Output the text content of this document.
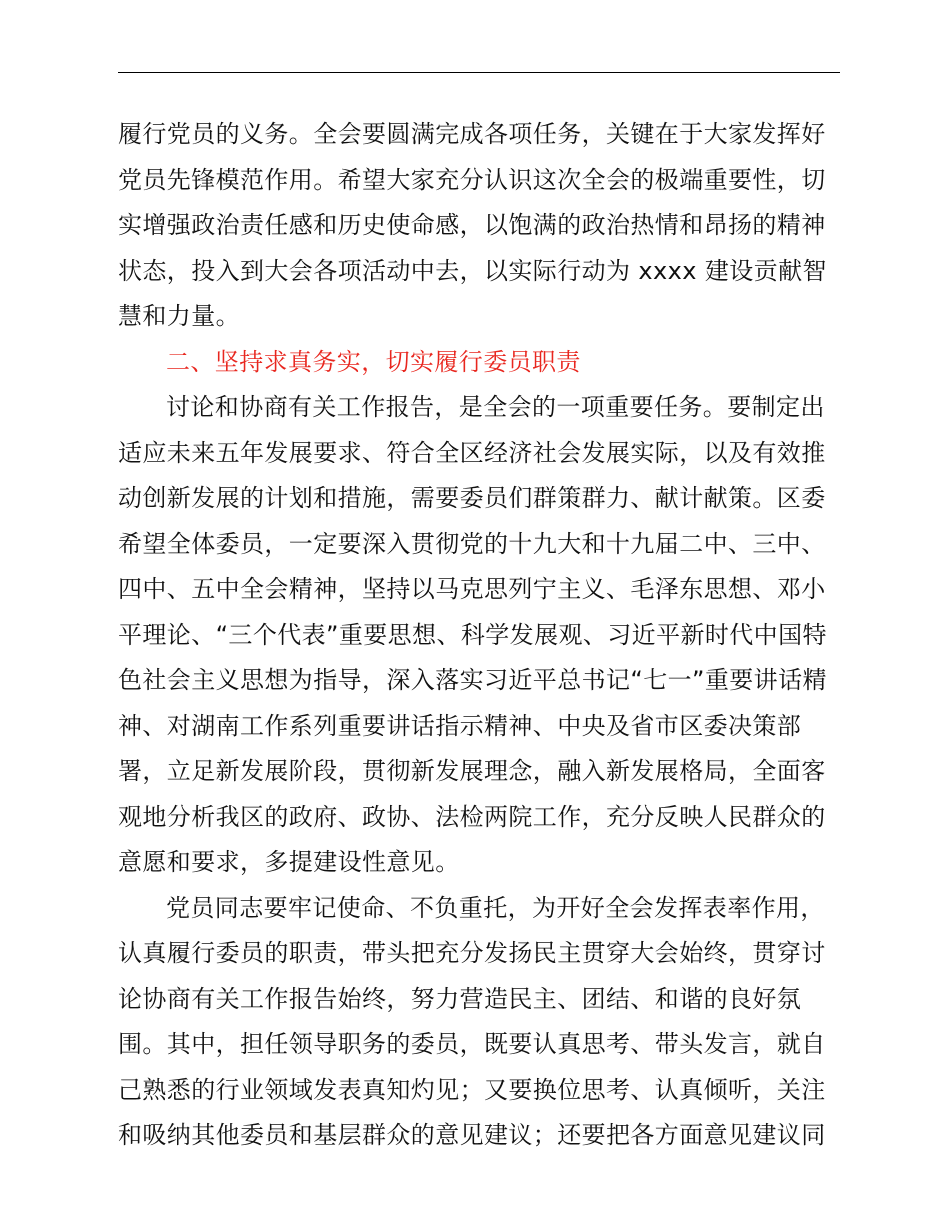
履行党员的义务。全会要圆满完成各项任务，关键在于大家发挥好
党员先锋模范作用。希望大家充分认识这次全会的极端重要性，切
实增强政治责任感和历史使命感，以饱满的政治热情和昂扬的精神
状态，投入到大会各项活动中去，以实际行动为 xxxx 建设贡献智
慧和力量。
二、坚持求真务实，切实履行委员职责
讨论和协商有关工作报告，是全会的一项重要任务。要制定出
适应未来五年发展要求、符合全区经济社会发展实际，以及有效推
动创新发展的计划和措施，需要委员们群策群力、献计献策。区委
希望全体委员，一定要深入贯彻党的十九大和十九届二中、三中、
四中、五中全会精神，坚持以马克思列宁主义、毛泽东思想、邓小
平理论、“三个代表”重要思想、科学发展观、习近平新时代中国特
色社会主义思想为指导，深入落实习近平总书记“七一”重要讲话精
神、对湖南工作系列重要讲话指示精神、中央及省市区委决策部
署，立足新发展阶段，贯彻新发展理念，融入新发展格局，全面客
观地分析我区的政府、政协、法检两院工作，充分反映人民群众的
意愿和要求，多提建设性意见。
党员同志要牢记使命、不负重托，为开好全会发挥表率作用，
认真履行委员的职责，带头把充分发扬民主贯穿大会始终，贯穿讨
论协商有关工作报告始终，努力营造民主、团结、和谐的良好氛
围。其中，担任领导职务的委员，既要认真思考、带头发言，就自
己熟悉的行业领域发表真知灼见；又要换位思考、认真倾听，关注
和吸纳其他委员和基层群众的意见建议；还要把各方面意见建议同
